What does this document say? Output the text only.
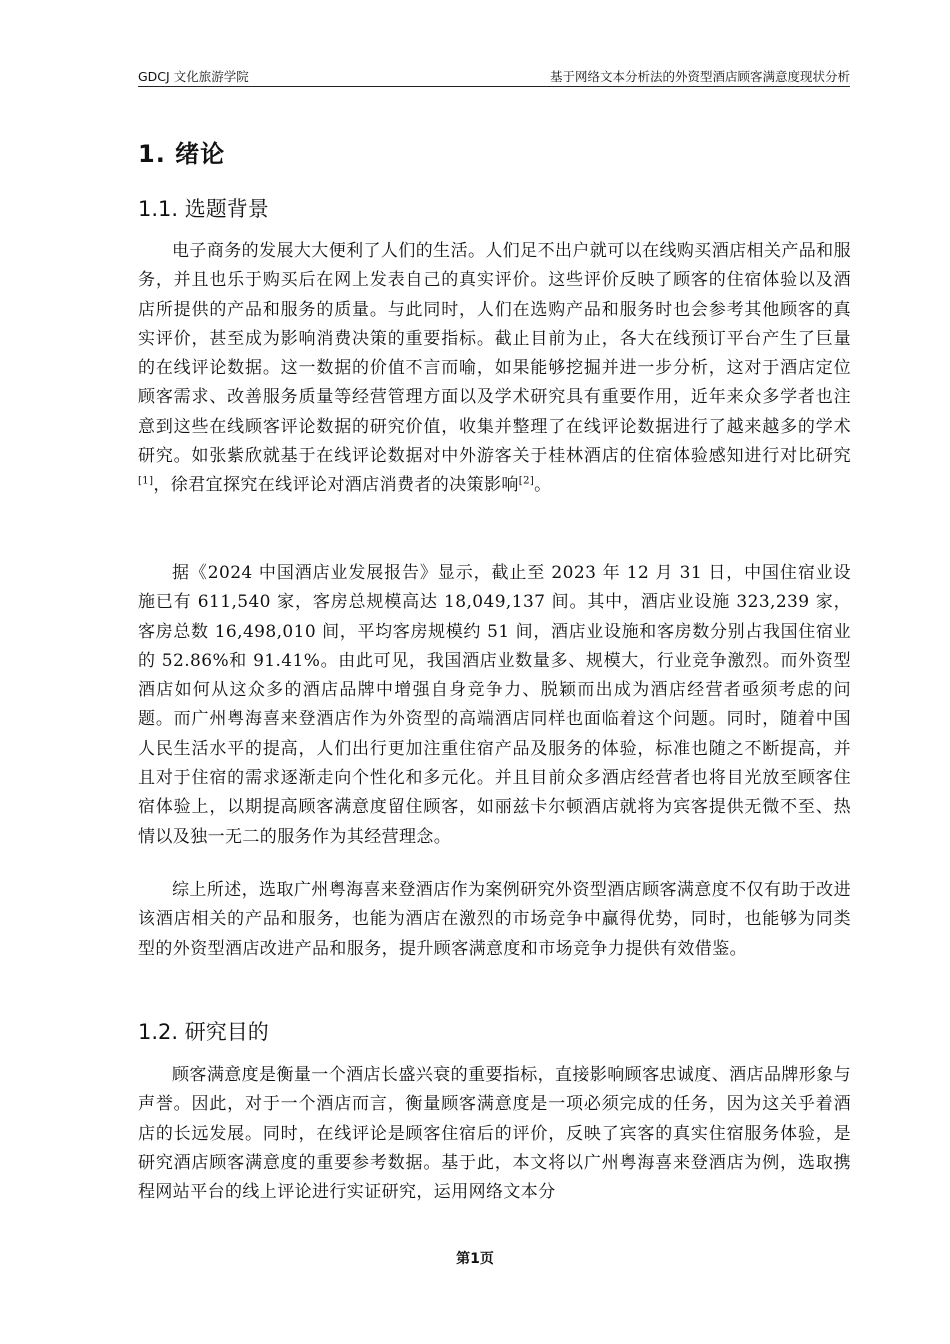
GDCJ 文化旅游学院	基于网络文本分析法的外资型酒店顾客满意度现状分析
1. 绪论
1.1. 选题背景
电子商务的发展大大便利了人们的生活。人们足不出户就可以在线购买酒店相关产品和服务，并且也乐于购买后在网上发表自己的真实评价。这些评价反映了顾客的住宿体验以及酒店所提供的产品和服务的质量。与此同时，人们在选购产品和服务时也会参考其他顾客的真实评价，甚至成为影响消费决策的重要指标。截止目前为止，各大在线预订平台产生了巨量的在线评论数据。这一数据的价值不言而喻，如果能够挖掘并进一步分析，这对于酒店定位顾客需求、改善服务质量等经营管理方面以及学术研究具有重要作用，近年来众多学者也注意到这些在线顾客评论数据的研究价值，收集并整理了在线评论数据进行了越来越多的学术研究。如张紫欣就基于在线评论数据对中外游客关于桂林酒店的住宿体验感知进行对比研究[1]，徐君宜探究在线评论对酒店消费者的决策影响[2]。
据《2024 中国酒店业发展报告》显示，截止至 2023 年 12 月 31 日，中国住宿业设施已有 611,540 家，客房总规模高达 18,049,137 间。其中，酒店业设施 323,239 家，客房总数 16,498,010 间，平均客房规模约 51 间，酒店业设施和客房数分别占我国住宿业的 52.86%和 91.41%。由此可见，我国酒店业数量多、规模大，行业竞争激烈。而外资型酒店如何从这众多的酒店品牌中增强自身竞争力、脱颖而出成为酒店经营者亟须考虑的问题。而广州粤海喜来登酒店作为外资型的高端酒店同样也面临着这个问题。同时，随着中国人民生活水平的提高，人们出行更加注重住宿产品及服务的体验，标准也随之不断提高，并且对于住宿的需求逐渐走向个性化和多元化。并且目前众多酒店经营者也将目光放至顾客住宿体验上，以期提高顾客满意度留住顾客，如丽兹卡尔顿酒店就将为宾客提供无微不至、热情以及独一无二的服务作为其经营理念。
综上所述，选取广州粤海喜来登酒店作为案例研究外资型酒店顾客满意度不仅有助于改进该酒店相关的产品和服务，也能为酒店在激烈的市场竞争中赢得优势，同时，也能够为同类型的外资型酒店改进产品和服务，提升顾客满意度和市场竞争力提供有效借鉴。
1.2. 研究目的
顾客满意度是衡量一个酒店长盛兴衰的重要指标，直接影响顾客忠诚度、酒店品牌形象与声誉。因此，对于一个酒店而言，衡量顾客满意度是一项必须完成的任务，因为这关乎着酒店的长远发展。同时，在线评论是顾客住宿后的评价，反映了宾客的真实住宿服务体验，是研究酒店顾客满意度的重要参考数据。基于此，本文将以广州粤海喜来登酒店为例，选取携程网站平台的线上评论进行实证研究，运用网络文本分
第1页
